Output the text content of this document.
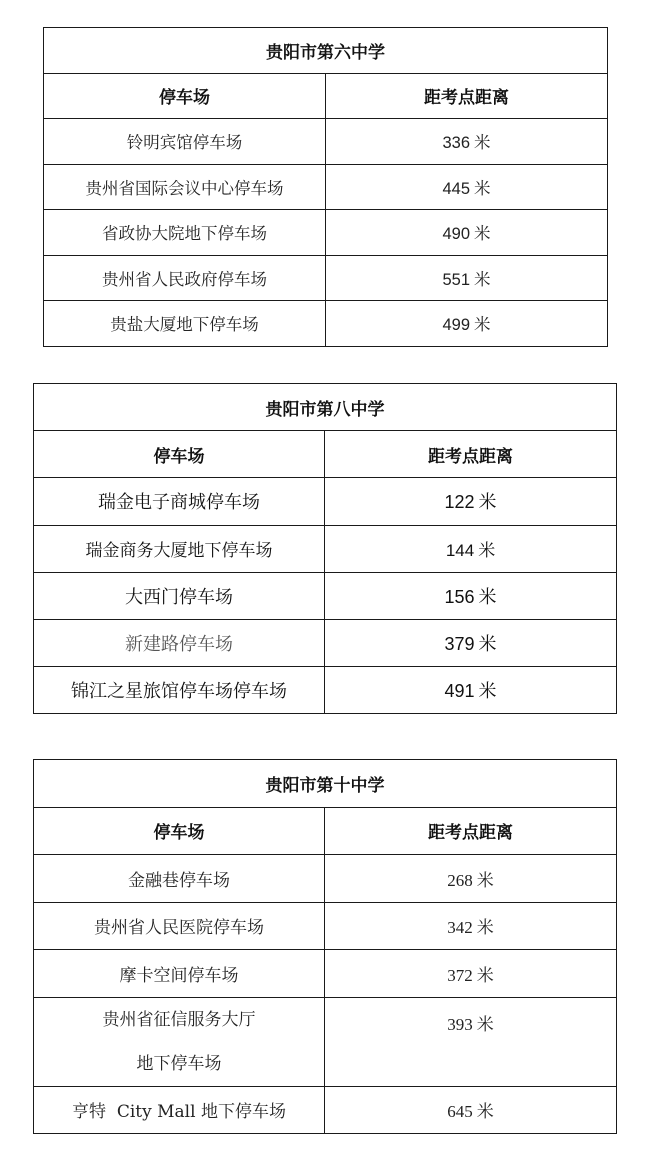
贵阳市第六中学	
停车场	距考点距离
铃明宾馆停车场	336 米
贵州省国际会议中心停车场	445 米
省政协大院地下停车场	490 米
贵州省人民政府停车场	551 米
贵盐大厦地下停车场	499 米
贵阳市第八中学	
停车场	距考点距离
瑞金电子商城停车场	122 米
瑞金商务大厦地下停车场	144 米
大西门停车场	156 米
新建路停车场	379 米
锦江之星旅馆停车场停车场	491 米
贵阳市第十中学	
停车场	距考点距离
金融巷停车场	268 米
贵州省人民医院停车场	342 米
摩卡空间停车场	372 米

贵州省征信服务大厅
地下停车场	393 米
亨特  City Mall 地下停车场	645 米
